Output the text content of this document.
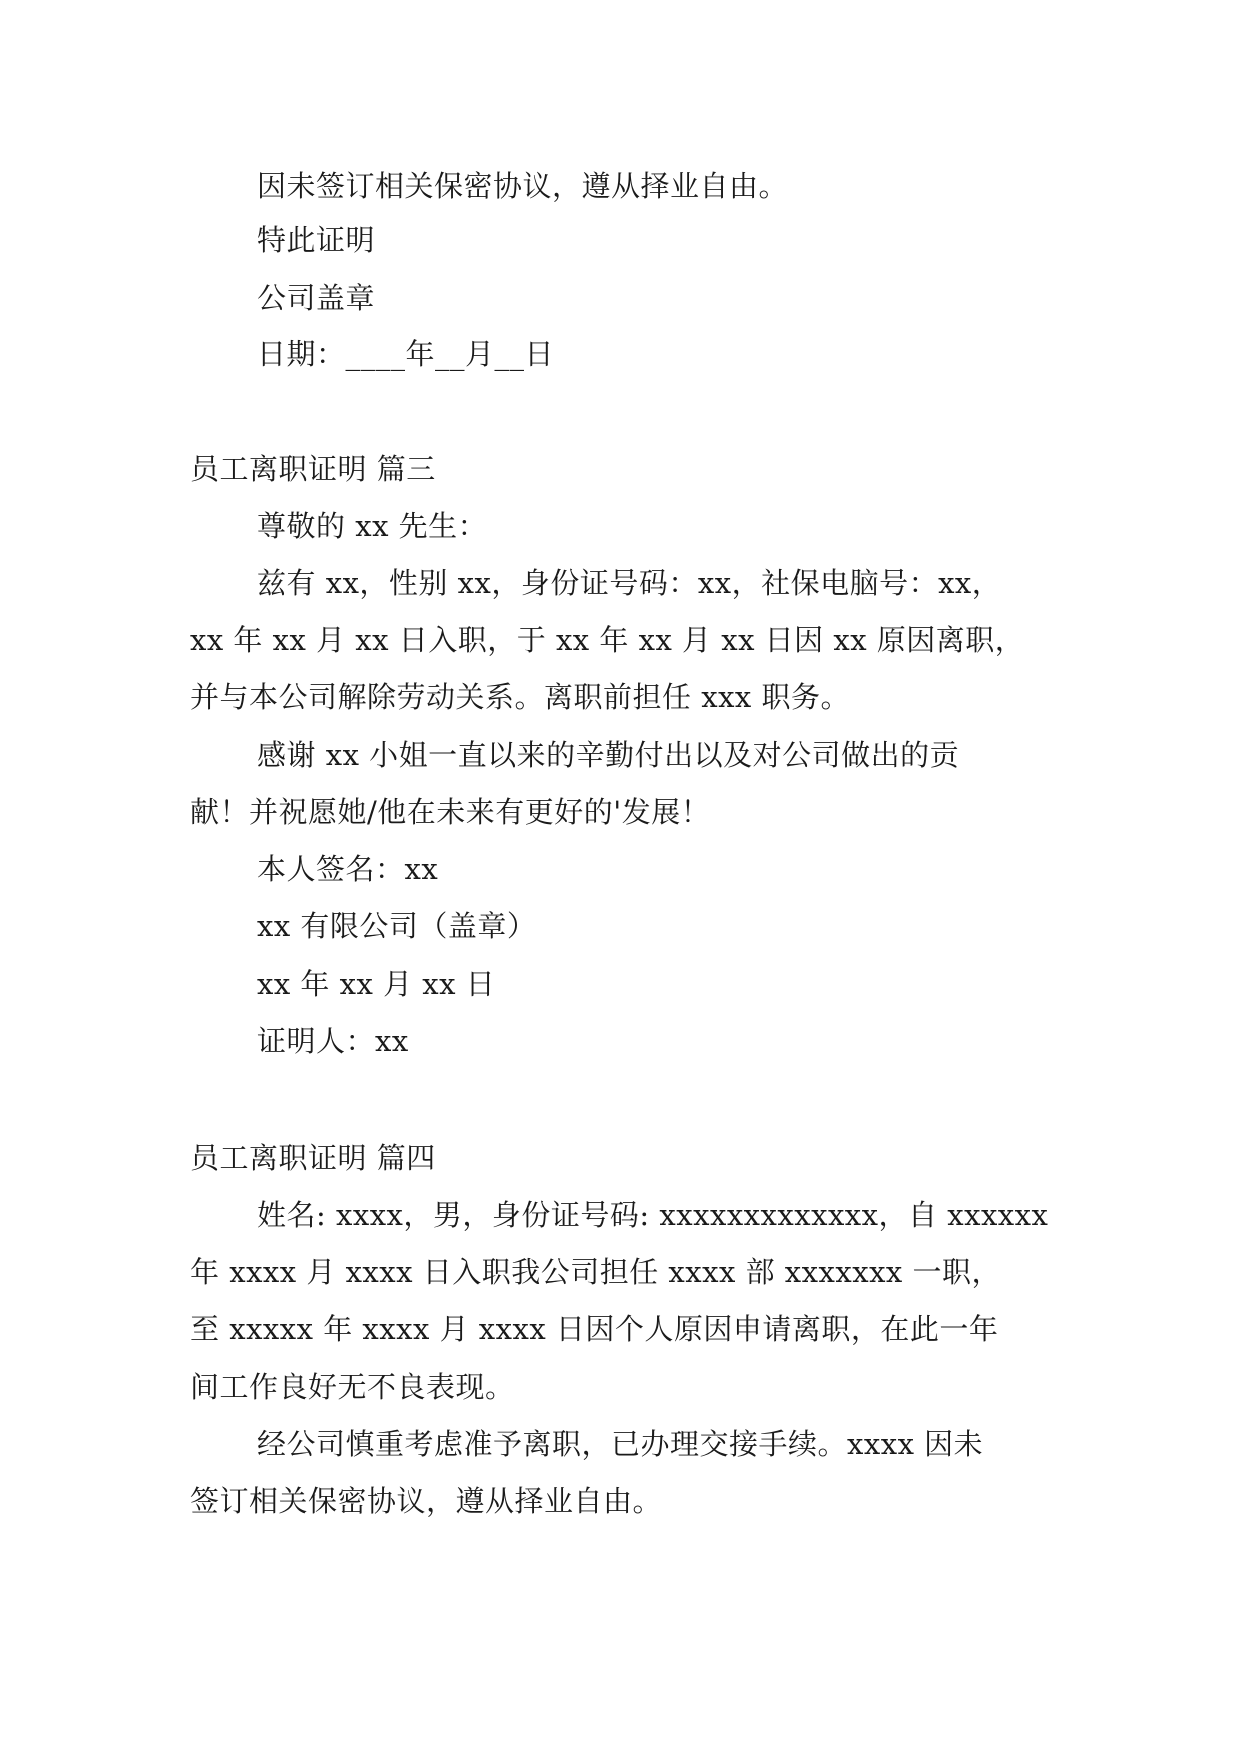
因未签订相关保密协议，遵从择业自由。
特此证明
公司盖章
日期：____年__月__日
员工离职证明 篇三
尊敬的 xx 先生：
兹有 xx，性别 xx，身份证号码：xx，社保电脑号：xx，
xx 年 xx 月 xx 日入职，于 xx 年 xx 月 xx 日因 xx 原因离职，
并与本公司解除劳动关系。离职前担任 xxx 职务。
感谢 xx 小姐一直以来的辛勤付出以及对公司做出的贡
献！并祝愿她/他在未来有更好的'发展！
本人签名：xx
xx 有限公司（盖章）
xx 年 xx 月 xx 日
证明人：xx
员工离职证明 篇四
姓名: xxxx，男，身份证号码: xxxxxxxxxxxxx，自 xxxxxx
年 xxxx 月 xxxx 日入职我公司担任 xxxx 部 xxxxxxx 一职，
至 xxxxx 年 xxxx 月 xxxx 日因个人原因申请离职，在此一年
间工作良好无不良表现。
经公司慎重考虑准予离职，已办理交接手续。xxxx 因未
签订相关保密协议，遵从择业自由。
